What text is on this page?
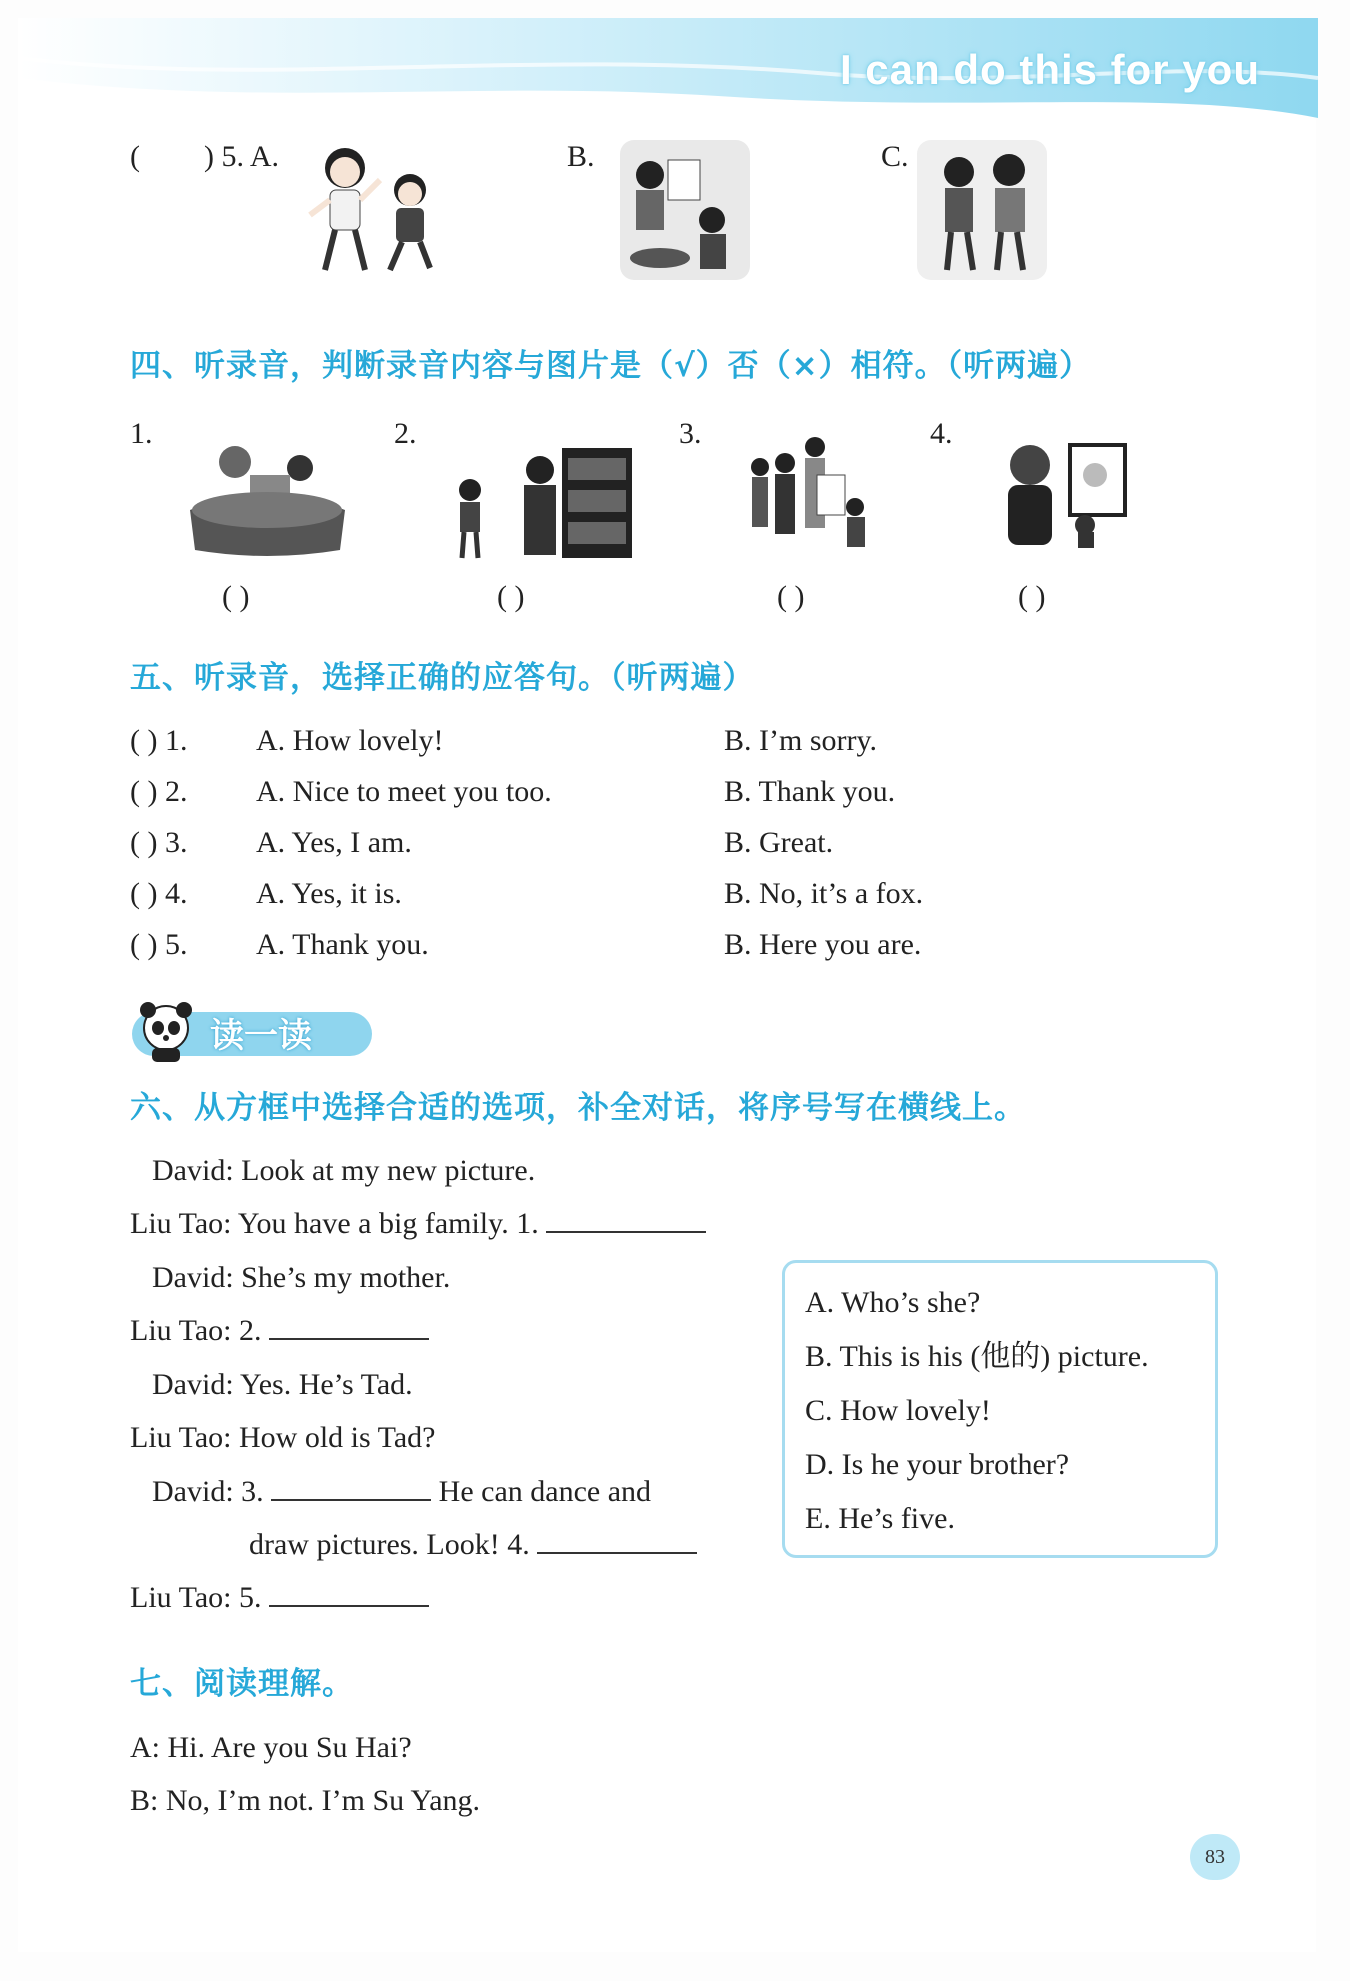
I can do this for you
( ) 5. A.	B.	C.
四、听录音，判断录音内容与图片是（√）否（×）相符。（听两遍）
1.	2.	3.	4.
( )	( )	( )	( )
五、听录音，选择正确的应答句。（听两遍）
( ) 1. A. How lovely!	B. I’m sorry.
( ) 2. A. Nice to meet you too.	B. Thank you.
( ) 3. A. Yes, I am.	B. Great.
( ) 4. A. Yes, it is.	B. No, it’s a fox.
( ) 5. A. Thank you.	B. Here you are.
读一读
六、从方框中选择合适的选项，补全对话，将序号写在横线上。
David: Look at my new picture.
Liu Tao: You have a big family. 1.
David: She’s my mother.
Liu Tao: 2.
David: Yes. He’s Tad.
Liu Tao: How old is Tad?
David: 3.	He can dance and
draw pictures. Look! 4.
Liu Tao: 5.
A. Who’s she?
B. This is his (他的) picture.
C. How lovely!
D. Is he your brother?
E. He’s five.
七、阅读理解。
A: Hi. Are you Su Hai?
B: No, I’m not. I’m Su Yang.
83
